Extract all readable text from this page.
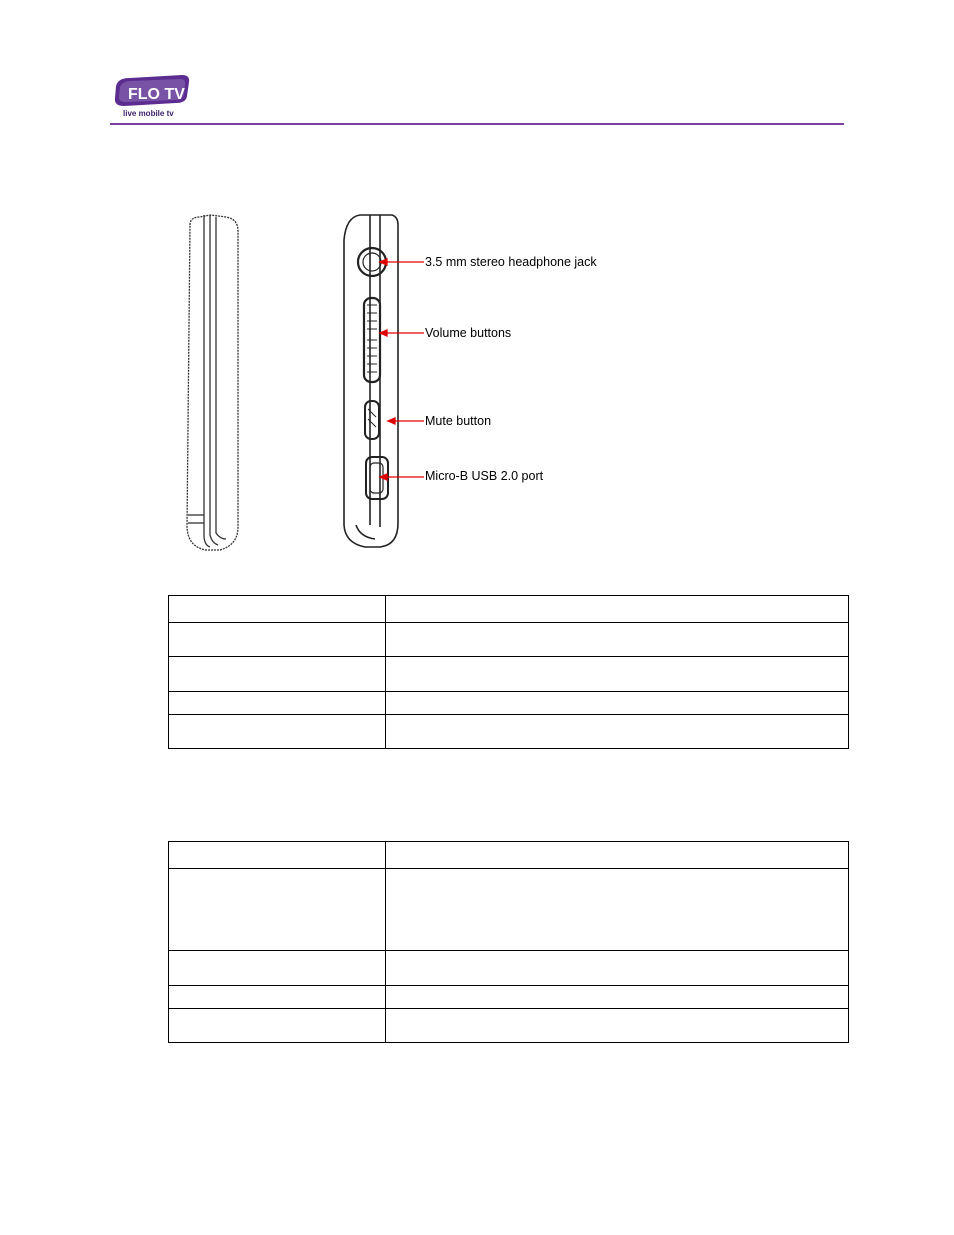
FLO TV
live mobile tv
3.5 mm stereo headphone jack
Volume buttons
Mute button
Micro-B USB 2.0 port
